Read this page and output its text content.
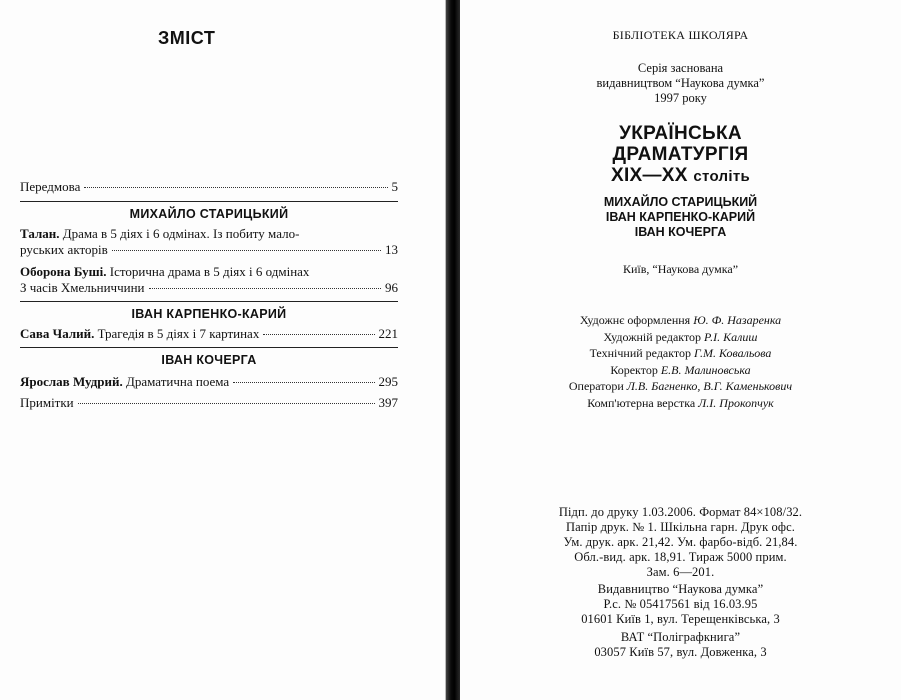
ЗМІСТ
Передмова	5
МИХАЙЛО СТАРИЦЬКИЙ
Талан.
Драма в 5 діях і 6 одмінах. Із побиту мало-
руських акторів	13
Оборона Буші.
Історична драма в 5 діях і 6 одмінах
З часів Хмельниччини	96
ІВАН КАРПЕНКО-КАРИЙ
Сава Чалий.
Трагедія в 5 діях і 7 картинах	221
ІВАН КОЧЕРГА
Ярослав Мудрий.
Драматична поема	295
Примітки	397
БІБЛІОТЕКА ШКОЛЯРА
Серія заснована
видавництвом “Наукова думка”
1997 року
УКРАЇНСЬКА
ДРАМАТУРГІЯ
XIX—XX століть
МИХАЙЛО СТАРИЦЬКИЙ
ІВАН КАРПЕНКО-КАРИЙ
ІВАН КОЧЕРГА
Київ, “Наукова думка”
Художнє оформлення Ю. Ф. Назаренка
Художній редактор Р.І. Калиш
Технічний редактор Г.М. Ковальова
Коректор Е.В. Малиновська
Оператори Л.В. Багненко, В.Г. Каменькович
Комп'ютерна верстка Л.І. Прокопчук
Підп. до друку 1.03.2006. Формат 84×108/32.
Папір друк. № 1. Шкільна гарн. Друк офс.
Ум. друк. арк. 21,42. Ум. фарбо-відб. 21,84.
Обл.-вид. арк. 18,91. Тираж 5000 прим.
Зам. 6—201.
Видавництво “Наукова думка”
Р.с. № 05417561 від 16.03.95
01601 Київ 1, вул. Терещенківська, 3
ВАТ “Поліграфкнига”
03057 Київ 57, вул. Довженка, 3
